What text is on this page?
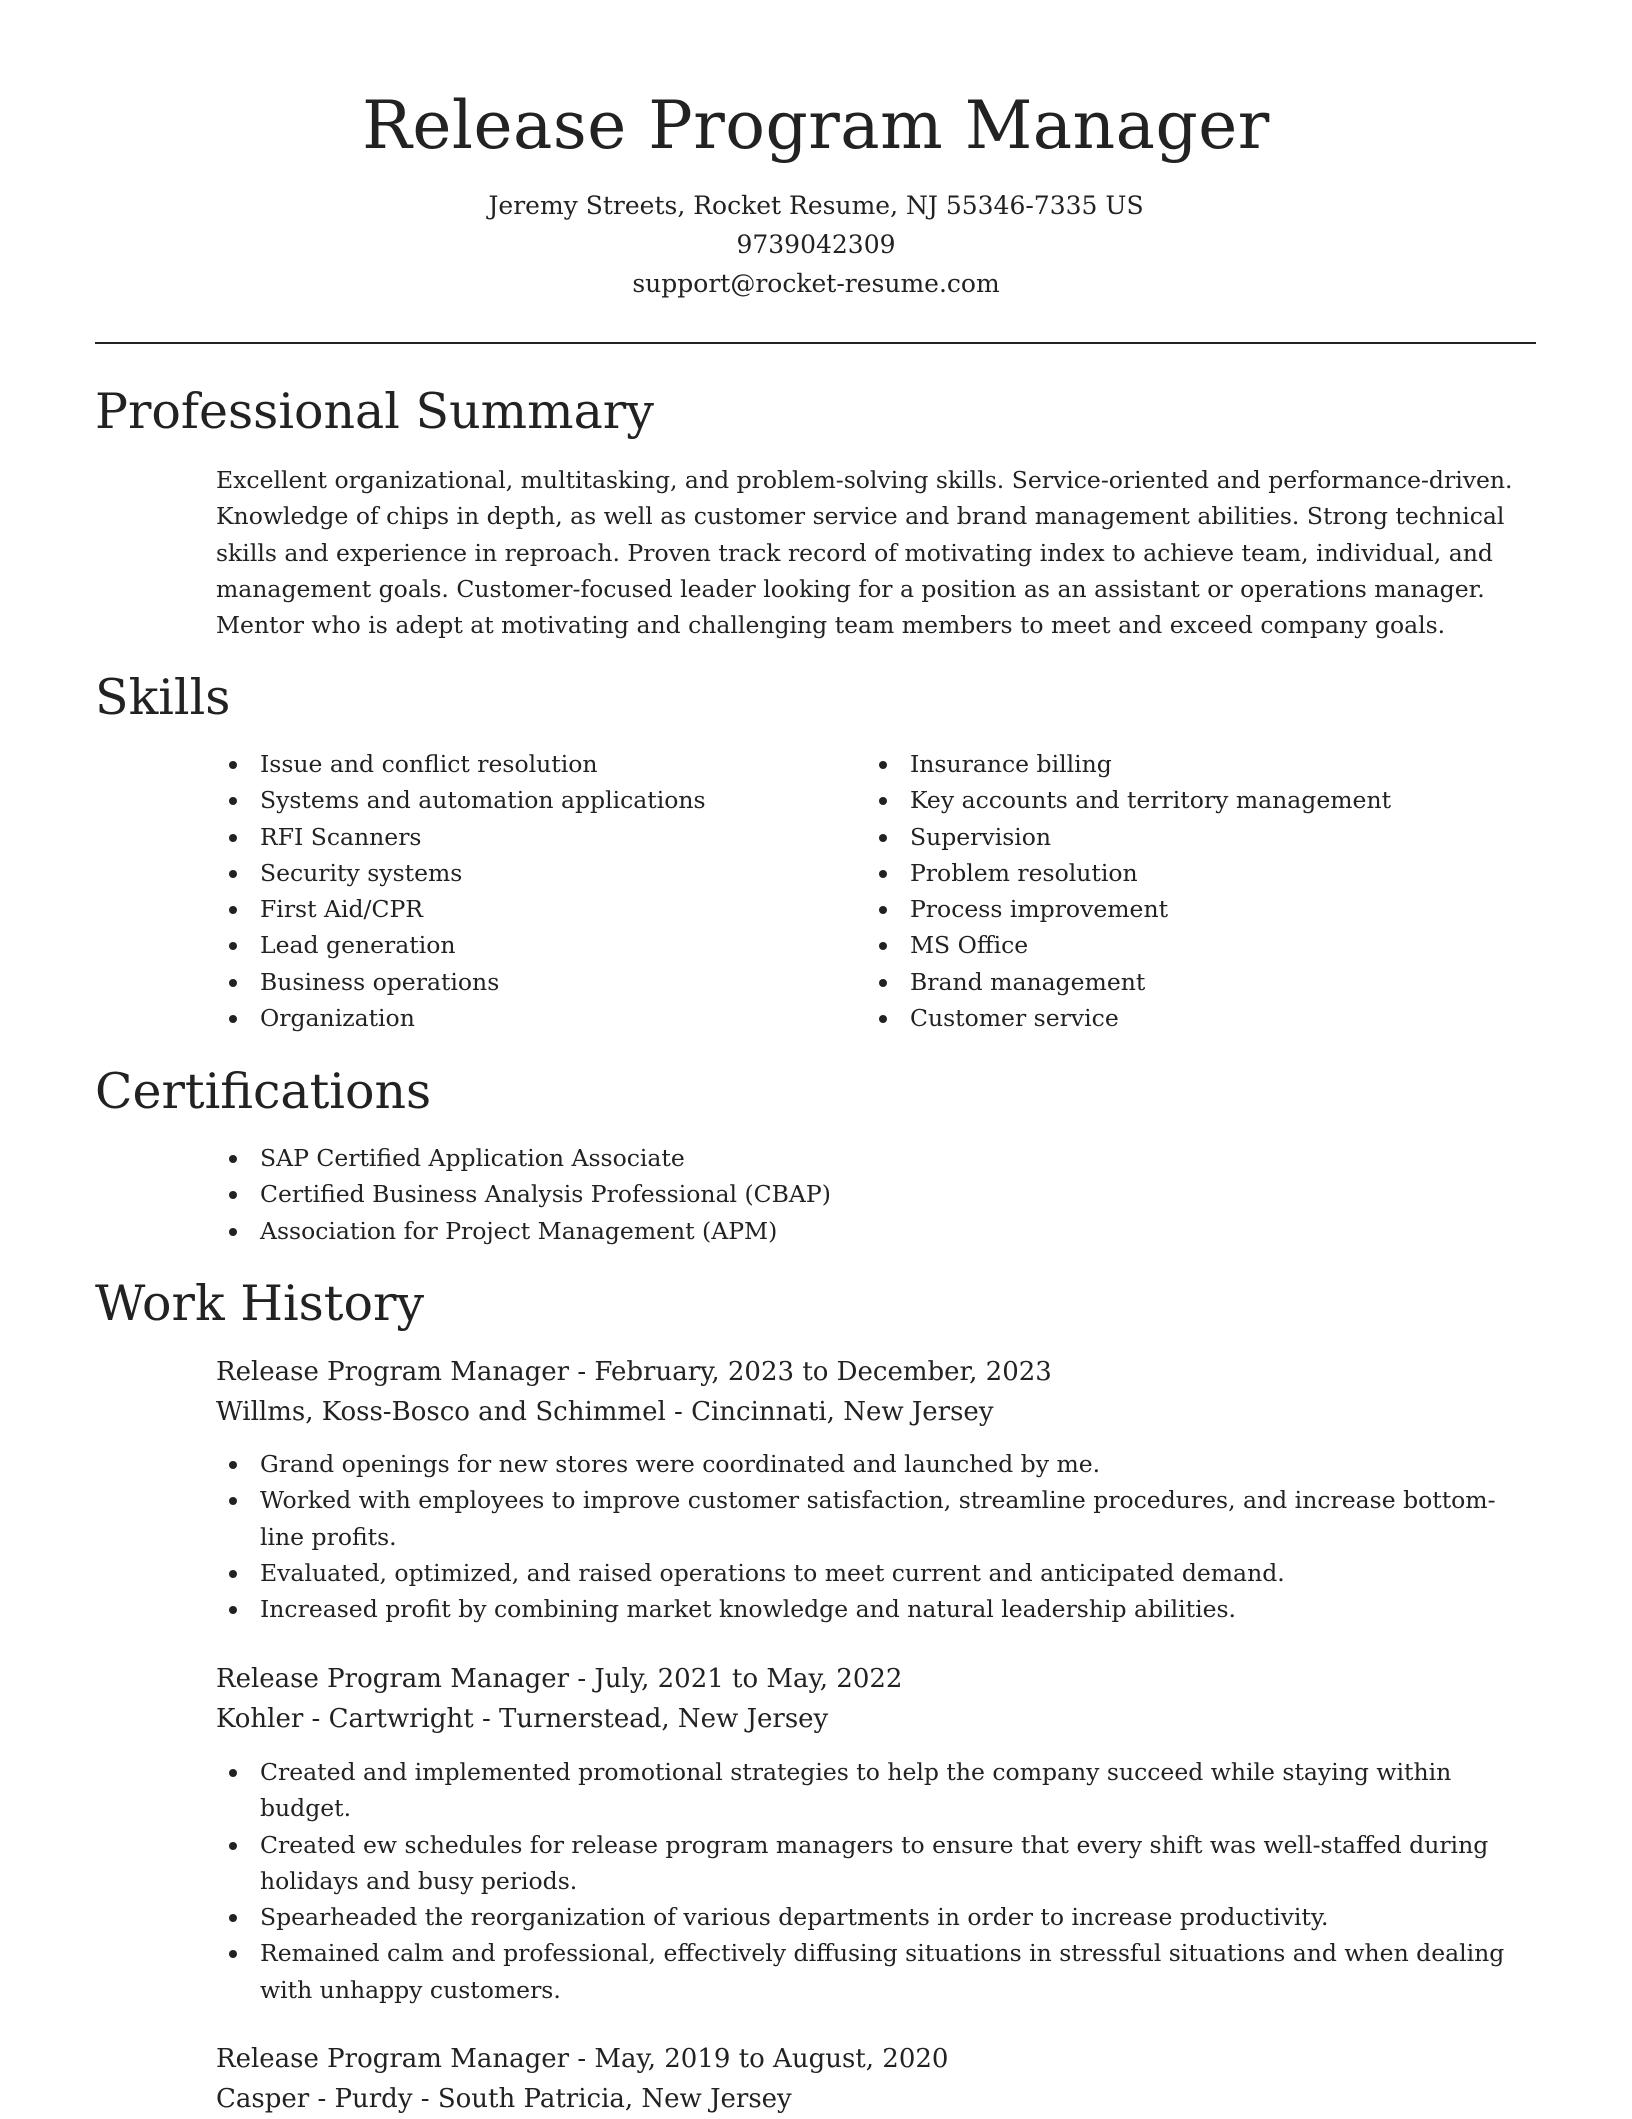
Release Program Manager
Jeremy Streets, Rocket Resume, NJ 55346-7335 US
9739042309
support@rocket-resume.com
Professional Summary
Excellent organizational, multitasking, and problem-solving skills. Service-oriented and performance-driven. Knowledge of chips in depth, as well as customer service and brand management abilities. Strong technical skills and experience in reproach. Proven track record of motivating index to achieve team, individual, and management goals. Customer-focused leader looking for a position as an assistant or operations manager. Mentor who is adept at motivating and challenging team members to meet and exceed company goals.
Skills
Issue and conflict resolution
Systems and automation applications
RFI Scanners
Security systems
First Aid/CPR
Lead generation
Business operations
Organization
Insurance billing
Key accounts and territory management
Supervision
Problem resolution
Process improvement
MS Office
Brand management
Customer service
Certifications
SAP Certified Application Associate
Certified Business Analysis Professional (CBAP)
Association for Project Management (APM)
Work History
Release Program Manager - February, 2023 to December, 2023
Willms, Koss-Bosco and Schimmel - Cincinnati, New Jersey
Grand openings for new stores were coordinated and launched by me.
Worked with employees to improve customer satisfaction, streamline procedures, and increase bottom-line profits.
Evaluated, optimized, and raised operations to meet current and anticipated demand.
Increased profit by combining market knowledge and natural leadership abilities.
Release Program Manager - July, 2021 to May, 2022
Kohler - Cartwright - Turnerstead, New Jersey
Created and implemented promotional strategies to help the company succeed while staying within budget.
Created ew schedules for release program managers to ensure that every shift was well-staffed during holidays and busy periods.
Spearheaded the reorganization of various departments in order to increase productivity.
Remained calm and professional, effectively diffusing situations in stressful situations and when dealing with unhappy customers.
Release Program Manager - May, 2019 to August, 2020
Casper - Purdy - South Patricia, New Jersey
